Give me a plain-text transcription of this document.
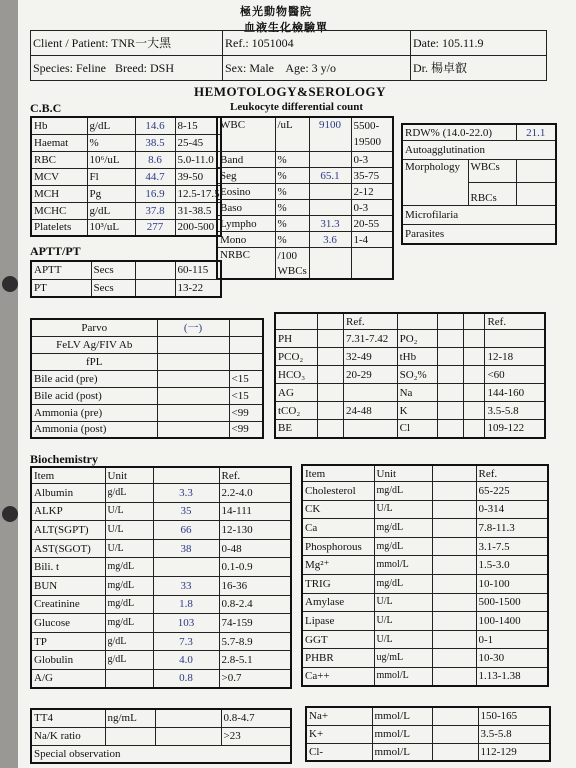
極光動物醫院
血液生化檢驗單
Client / Patient: TNR一大黑	Ref.: 1051004	Date: 105.11.9
Species: Feline Breed: DSH	Sex: Male Age: 3 y/o	Dr. 楊卓叡
HEMOTOLOGY&SEROLOGY
C.B.C	Leukocyte differential count
Hb	g/dL	14.6	8-15
Haemat	%	38.5	25-45
RBC	10⁶/uL	8.6	5.0-11.0
MCV	Fl	44.7	39-50
MCH	Pg	16.9	12.5-17.5
MCHC	g/dL	37.8	31-38.5
Platelets	10³/uL	277	200-500
WBC	/uL	9100	5500-
			19500
Band	%		0-3
Seg	%	65.1	35-75
Eosino	%		2-12
Baso	%		0-3
Lympho	%	31.3	20-55
Mono	%	3.6	1-4
NRBC	/100		
	WBCs		
RDW% (14.0-22.0)		21.1
Autoagglutination		
Morphology	WBCs	
	RBCs	
Microfilaria		
Parasites		
APTT/PT
APTT	Secs		60-115
PT	Secs		13-22
Parvo	(一)	
FeLV Ag/FIV Ab		
fPL		
Bile acid (pre)		<15
Bile acid (post)		<15
Ammonia (pre)		<99
Ammonia (post)		<99
		Ref.				Ref.
PH		7.31-7.42	PO₂			
PCO₂		32-49	tHb			12-18
HCO₃		20-29	SO₂%			<60
AG			Na			144-160
tCO₂		24-48	K			3.5-5.8
BE			Cl			109-122
Biochemistry
Item	Unit		Ref.
Albumin	g/dL	3.3	2.2-4.0
ALKP	U/L	35	14-111
ALT(SGPT)	U/L	66	12-130
AST(SGOT)	U/L	38	0-48
Bili. t	mg/dL		0.1-0.9
BUN	mg/dL	33	16-36
Creatinine	mg/dL	1.8	0.8-2.4
Glucose	mg/dL	103	74-159
TP	g/dL	7.3	5.7-8.9
Globulin	g/dL	4.0	2.8-5.1
A/G		0.8	>0.7
Item	Unit		Ref.
Cholesterol	mg/dL		65-225
CK	U/L		0-314
Ca	mg/dL		7.8-11.3
Phosphorous	mg/dL		3.1-7.5
Mg²⁺	mmol/L		1.5-3.0
TRIG	mg/dL		10-100
Amylase	U/L		500-1500
Lipase	U/L		100-1400
GGT	U/L		0-1
PHBR	ug/mL		10-30
Ca++	mmol/L		1.13-1.38
TT4	ng/mL		0.8-4.7
Na/K ratio			>23
Special observation			
Na+	mmol/L		150-165
K+	mmol/L		3.5-5.8
Cl-	mmol/L		112-129
